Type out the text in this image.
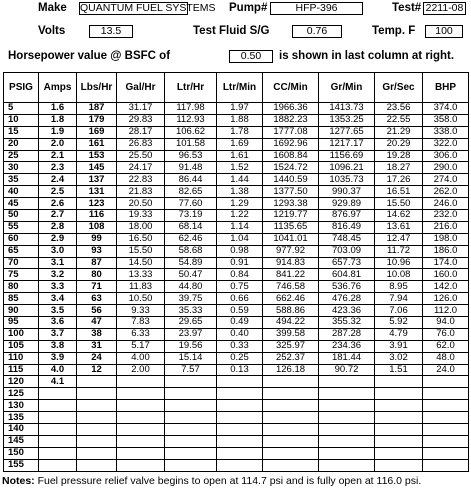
Make QUANTUM FUEL SYSTEMS Pump#	HFP-396	Test# 2211-08
Volts	13.5	Test Fluid S/G	0.76	Temp. F	100
Horsepower value @ BSFC of	0.50	is shown in last column at right.
PSIG	Amps	Lbs/Hr	Gal/Hr	Ltr/Hr	Ltr/Min	CC/Min	Gr/Min	Gr/Sec	BHP
5	1.6	187	31.17	117.98	1.97	1966.36	1413.73	23.56	374.0
10	1.8	179	29.83	112.93	1.88	1882.23	1353.25	22.55	358.0
15	1.9	169	28.17	106.62	1.78	1777.08	1277.65	21.29	338.0
20	2.0	161	26.83	101.58	1.69	1692.96	1217.17	20.29	322.0
25	2.1	153	25.50	96.53	1.61	1608.84	1156.69	19.28	306.0
30	2.3	145	24.17	91.48	1.52	1524.72	1096.21	18.27	290.0
35	2.4	137	22.83	86.44	1.44	1440.59	1035.73	17.26	274.0
40	2.5	131	21.83	82.65	1.38	1377.50	990.37	16.51	262.0
45	2.6	123	20.50	77.60	1.29	1293.38	929.89	15.50	246.0
50	2.7	116	19.33	73.19	1.22	1219.77	876.97	14.62	232.0
55	2.8	108	18.00	68.14	1.14	1135.65	816.49	13.61	216.0
60	2.9	99	16.50	62.46	1.04	1041.01	748.45	12.47	198.0
65	3.0	93	15.50	58.68	0.98	977.92	703.09	11.72	186.0
70	3.1	87	14.50	54.89	0.91	914.83	657.73	10.96	174.0
75	3.2	80	13.33	50.47	0.84	841.22	604.81	10.08	160.0
80	3.3	71	11.83	44.80	0.75	746.58	536.76	8.95	142.0
85	3.4	63	10.50	39.75	0.66	662.46	476.28	7.94	126.0
90	3.5	56	9.33	35.33	0.59	588.86	423.36	7.06	112.0
95	3.6	47	7.83	29.65	0.49	494.22	355.32	5.92	94.0
100	3.7	38	6.33	23.97	0.40	399.58	287.28	4.79	76.0
105	3.8	31	5.17	19.56	0.33	325.97	234.36	3.91	62.0
110	3.9	24	4.00	15.14	0.25	252.37	181.44	3.02	48.0
115	4.0	12	2.00	7.57	0.13	126.18	90.72	1.51	24.0
120	4.1								
125									
130									
135									
140									
145									
150									
155									
Notes: Fuel pressure relief valve begins to open at 114.7 psi and is fully open at 116.0 psi.
